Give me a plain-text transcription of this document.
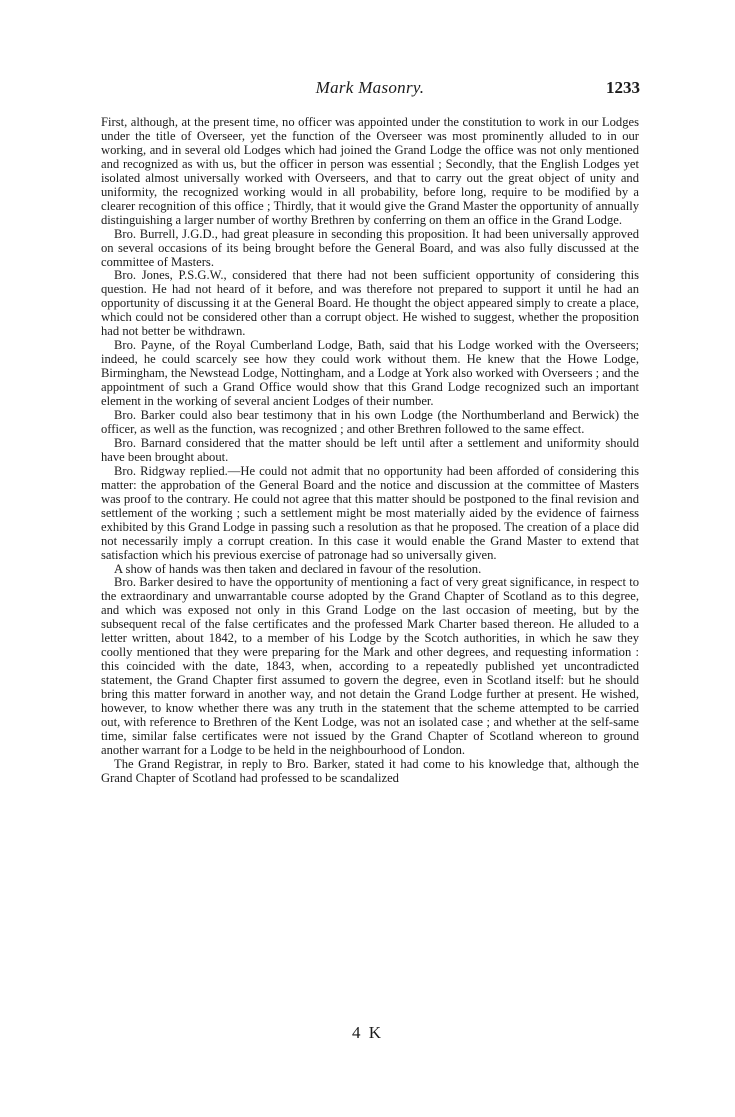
Mark Masonry.	1233

First, although, at the present time, no officer was appointed under the constitution to work in our Lodges under the title of Overseer, yet the function of the Overseer was most prominently alluded to in our working, and in several old Lodges which had joined the Grand Lodge the office was not only mentioned and recognized as with us, but the officer in person was essential ; Secondly, that the English Lodges yet isolated almost universally worked with Overseers, and that to carry out the great object of unity and uniformity, the recognized working would in all probability, before long, require to be modified by a clearer recognition of this office ; Thirdly, that it would give the Grand Master the opportunity of annually distinguishing a larger number of worthy Brethren by conferring on them an office in the Grand Lodge.

Bro. Burrell, J.G.D., had great pleasure in seconding this proposition. It had been universally approved on several occasions of its being brought before the General Board, and was also fully discussed at the committee of Masters.

Bro. Jones, P.S.G.W., considered that there had not been sufficient opportunity of considering this question. He had not heard of it before, and was therefore not prepared to support it until he had an opportunity of discussing it at the General Board. He thought the object appeared simply to create a place, which could not be considered other than a corrupt object. He wished to suggest, whether the proposition had not better be withdrawn.

Bro. Payne, of the Royal Cumberland Lodge, Bath, said that his Lodge worked with the Overseers; indeed, he could scarcely see how they could work without them. He knew that the Howe Lodge, Birmingham, the Newstead Lodge, Nottingham, and a Lodge at York also worked with Overseers ; and the appointment of such a Grand Office would show that this Grand Lodge recognized such an important element in the working of several ancient Lodges of their number.

Bro. Barker could also bear testimony that in his own Lodge (the Northumberland and Berwick) the officer, as well as the function, was recognized ; and other Brethren followed to the same effect.

Bro. Barnard considered that the matter should be left until after a settlement and uniformity should have been brought about.

Bro. Ridgway replied.—He could not admit that no opportunity had been afforded of considering this matter: the approbation of the General Board and the notice and discussion at the committee of Masters was proof to the contrary. He could not agree that this matter should be postponed to the final revision and settlement of the working ; such a settlement might be most materially aided by the evidence of fairness exhibited by this Grand Lodge in passing such a resolution as that he proposed. The creation of a place did not necessarily imply a corrupt creation. In this case it would enable the Grand Master to extend that satisfaction which his previous exercise of patronage had so universally given.

A show of hands was then taken and declared in favour of the resolution.

Bro. Barker desired to have the opportunity of mentioning a fact of very great significance, in respect to the extraordinary and unwarrantable course adopted by the Grand Chapter of Scotland as to this degree, and which was exposed not only in this Grand Lodge on the last occasion of meeting, but by the subsequent recal of the false certificates and the professed Mark Charter based thereon. He alluded to a letter written, about 1842, to a member of his Lodge by the Scotch authorities, in which he saw they coolly mentioned that they were preparing for the Mark and other degrees, and requesting information : this coincided with the date, 1843, when, according to a repeatedly published yet uncontradicted statement, the Grand Chapter first assumed to govern the degree, even in Scotland itself: but he should bring this matter forward in another way, and not detain the Grand Lodge further at present. He wished, however, to know whether there was any truth in the statement that the scheme attempted to be carried out, with reference to Brethren of the Kent Lodge, was not an isolated case ; and whether at the self-same time, similar false certificates were not issued by the Grand Chapter of Scotland whereon to ground another warrant for a Lodge to be held in the neighbourhood of London.

The Grand Registrar, in reply to Bro. Barker, stated it had come to his knowledge that, although the Grand Chapter of Scotland had professed to be scandalized

4 K
